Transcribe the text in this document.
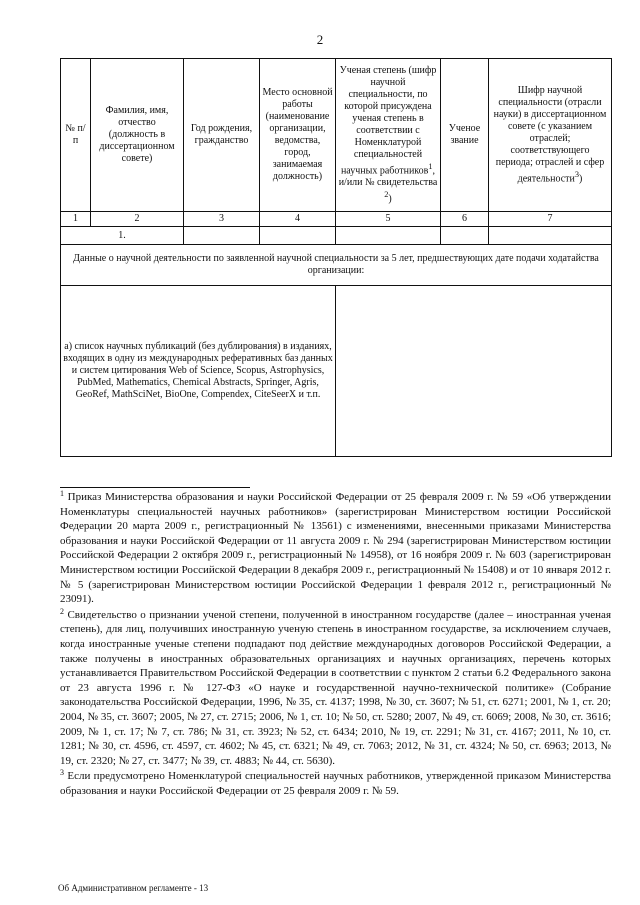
2
№ п/п	Фамилия, имя, отчество (должность в диссертационном совете)	Год рождения, гражданство	Место основной работы (наименование организации, ведомства, город, занимаемая должность)	Ученая степень (шифр научной специальности, по которой присуждена ученая степень в соответствии с Номенклатурой специальностей научных работников$^1$, и/или № свидетельства $^2$)	Ученое звание	Шифр научной специальности (отрасли науки) в диссертационном совете (с указанием отраслей; соответствующего периода; отраслей и сфер деятельности$^3$)
1	2	3	4	5	6	7
1.						
Данные о научной деятельности по заявленной научной специальности за 5 лет, предшествующих дате подачи ходатайства организации:						
а) список научных публикаций (без дублирования) в изданиях, входящих в одну из международных реферативных баз данных и систем цитирования Web of Science, Scopus, Astrophysics, PubMed, Mathematics, Chemical Abstracts, Springer, Agris, GeoRef, MathSciNet, BioOne, Compendex, CiteSeerX и т.п.						

$^1$ Приказ Министерства образования и науки Российской Федерации от 25 февраля 2009 г. № 59 «Об утверждении Номенклатуры специальностей научных работников» (зарегистрирован Министерством юстиции Российской Федерации 20 марта 2009 г., регистрационный № 13561) с изменениями, внесенными приказами Министерства образования и науки Российской Федерации от 11 августа 2009 г. № 294 (зарегистрирован Министерством юстиции Российской Федерации 2 октября 2009 г., регистрационный № 14958), от 16 ноября 2009 г. № 603 (зарегистрирован Министерством юстиции Российской Федерации 8 декабря 2009 г., регистрационный № 15408) и от 10 января 2012 г. № 5 (зарегистрирован Министерством юстиции Российской Федерации 1 февраля 2012 г., регистрационный № 23091).

$^2$ Свидетельство о признании ученой степени, полученной в иностранном государстве (далее – иностранная ученая степень), для лиц, получивших иностранную ученую степень в иностранном государстве, за исключением случаев, когда иностранные ученые степени подпадают под действие международных договоров Российской Федерации, а также получены в иностранных образовательных организациях и научных организациях, перечень которых устанавливается Правительством Российской Федерации в соответствии с пунктом 2 статьи 6.2 Федерального закона от 23 августа 1996 г. № 127-ФЗ «О науке и государственной научно-технической политике» (Собрание законодательства Российской Федерации, 1996, № 35, ст. 4137; 1998, № 30, ст. 3607; № 51, ст. 6271; 2001, № 1, ст. 20; 2004, № 35, ст. 3607; 2005, № 27, ст. 2715; 2006, № 1, ст. 10; № 50, ст. 5280; 2007, № 49, ст. 6069; 2008, № 30, ст. 3616; 2009, № 1, ст. 17; № 7, ст. 786; № 31, ст. 3923; № 52, ст. 6434; 2010, № 19, ст. 2291; № 31, ст. 4167; 2011, № 10, ст. 1281; № 30, ст. 4596, ст. 4597, ст. 4602; № 45, ст. 6321; № 49, ст. 7063; 2012, № 31, ст. 4324; № 50, ст. 6963; 2013, № 19, ст. 2320; № 27, ст. 3477; № 39, ст. 4883; № 44, ст. 5630).

$^3$ Если предусмотрено Номенклатурой специальностей научных работников, утвержденной приказом Министерства образования и науки Российской Федерации от 25 февраля 2009 г. № 59.

Об Административном регламенте - 13
